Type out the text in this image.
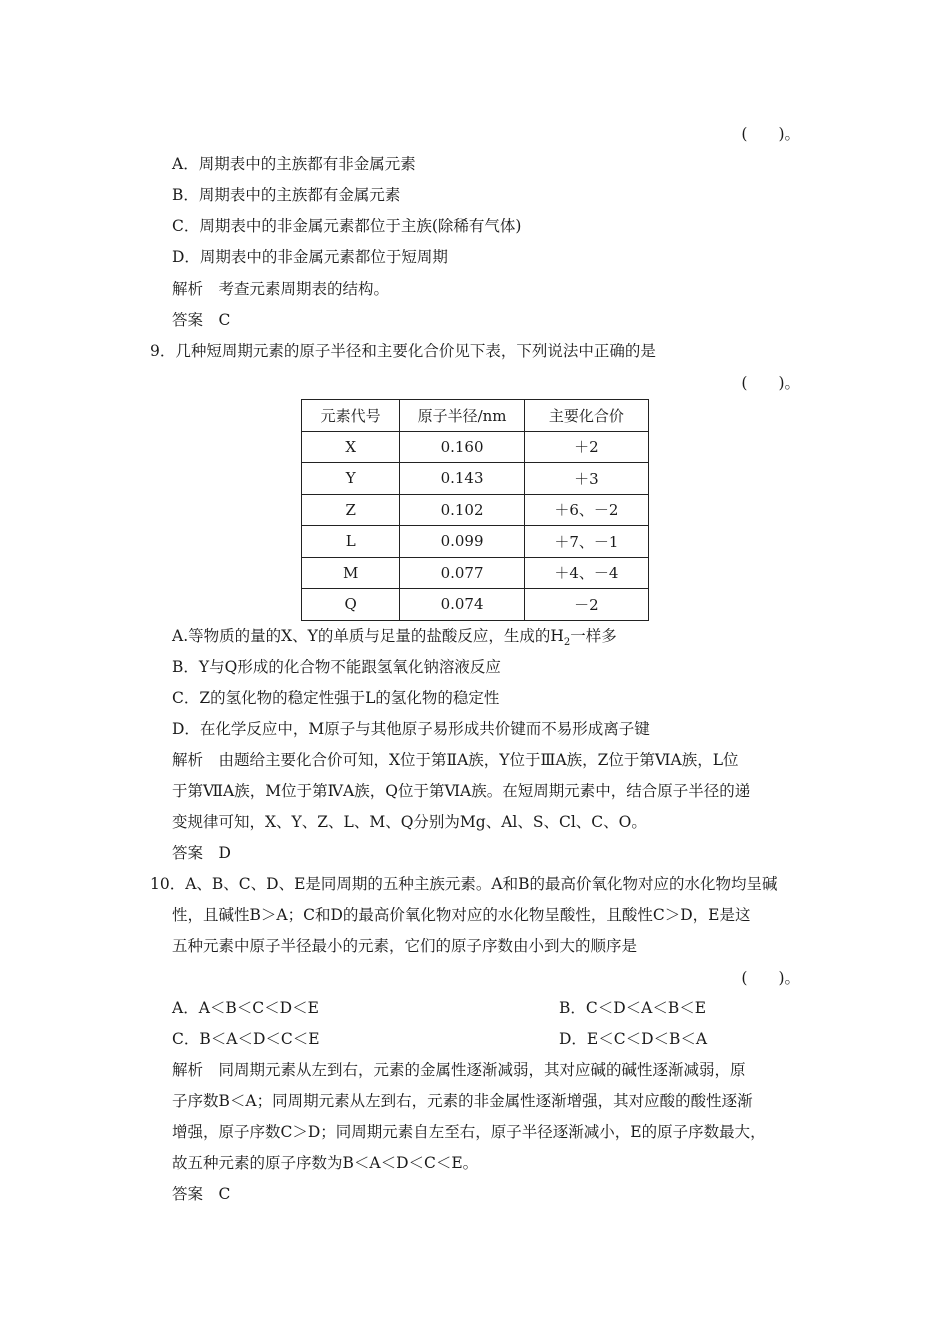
(　　)。
A．周期表中的主族都有非金属元素
B．周期表中的主族都有金属元素
C．周期表中的非金属元素都位于主族(除稀有气体)
D．周期表中的非金属元素都位于短周期
解析　考查元素周期表的结构。
答案　C
9．几种短周期元素的原子半径和主要化合价见下表，下列说法中正确的是
(　　)。
元素代号	原子半径/nm	主要化合价
X	0.160	＋2
Y	0.143	＋3
Z	0.102	＋6、－2
L	0.099	＋7、－1
M	0.077	＋4、－4
Q	0.074	－2
A.等物质的量的X、Y的单质与足量的盐酸反应，生成的$H_2$一样多
B．Y与Q形成的化合物不能跟氢氧化钠溶液反应
C．Z的氢化物的稳定性强于L的氢化物的稳定性
D．在化学反应中，M原子与其他原子易形成共价键而不易形成离子键
解析　由题给主要化合价可知，X位于第ⅡA族，Y位于ⅢA族，Z位于第ⅥA族，L位
于第ⅦA族，M位于第ⅣA族，Q位于第ⅥA族。在短周期元素中，结合原子半径的递
变规律可知，X、Y、Z、L、M、Q分别为Mg、Al、S、Cl、C、O。
答案　D
10．A、B、C、D、E是同周期的五种主族元素。A和B的最高价氧化物对应的水化物均呈碱
性，且碱性B＞A；C和D的最高价氧化物对应的水化物呈酸性，且酸性C＞D，E是这
五种元素中原子半径最小的元素，它们的原子序数由小到大的顺序是
(　　)。
A．A＜B＜C＜D＜E	B．C＜D＜A＜B＜E
C．B＜A＜D＜C＜E	D．E＜C＜D＜B＜A
解析　同周期元素从左到右，元素的金属性逐渐减弱，其对应碱的碱性逐渐减弱，原
子序数B＜A；同周期元素从左到右，元素的非金属性逐渐增强，其对应酸的酸性逐渐
增强，原子序数C＞D；同周期元素自左至右，原子半径逐渐减小，E的原子序数最大，
故五种元素的原子序数为B＜A＜D＜C＜E。
答案　C
